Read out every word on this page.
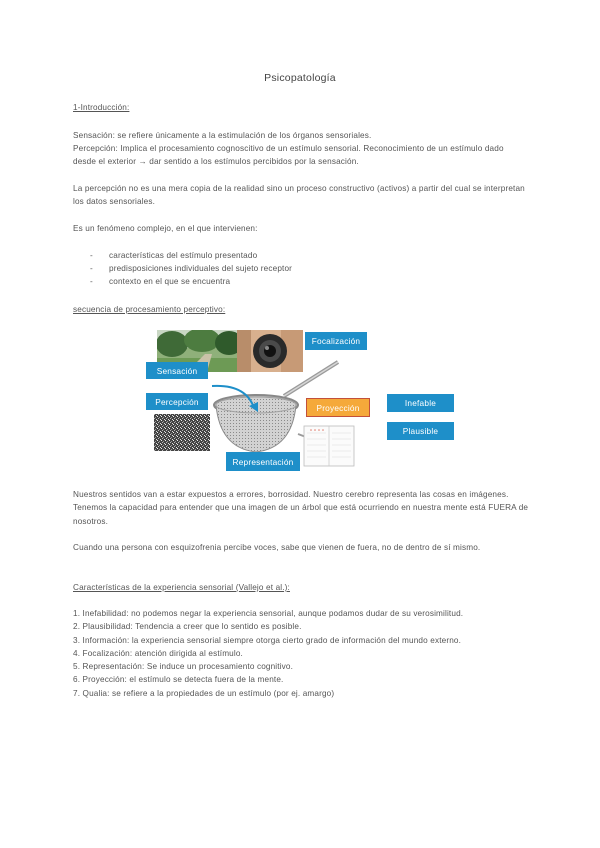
Psicopatología

1-Introducción:

Sensación: se refiere únicamente a la estimulación de los órganos sensoriales.

Percepción: Implica el procesamiento cognoscitivo de un estímulo sensorial. Reconocimiento de un estímulo dado desde el exterior → dar sentido a los estímulos percibidos por la sensación.

La percepción no es una mera copia de la realidad sino un proceso constructivo (activos) a partir del cual se interpretan los datos sensoriales.

Es un fenómeno complejo, en el que intervienen:

- características del estímulo presentado
- predisposiciones individuales del sujeto receptor
- contexto en el que se encuentra

secuencia de procesamiento perceptivo:

Focalización
Sensación
Percepción
Proyección
Representación
Inefable
Plausible

Nuestros sentidos van a estar expuestos a errores, borrosidad. Nuestro cerebro representa las cosas en imágenes. Tenemos la capacidad para entender que una imagen de un árbol que está ocurriendo en nuestra mente está FUERA de nosotros.

Cuando una persona con esquizofrenia percibe voces, sabe que vienen de fuera, no de dentro de sí mismo.

Características de la experiencia sensorial (Vallejo et al.):

1. Inefabilidad: no podemos negar la experiencia sensorial, aunque podamos dudar de su verosimilitud.
2. Plausibilidad: Tendencia a creer que lo sentido es posible.
3. Información: la experiencia sensorial siempre otorga cierto grado de información del mundo externo.
4. Focalización: atención dirigida al estímulo.
5. Representación: Se induce un procesamiento cognitivo.
6. Proyección: el estímulo se detecta fuera de la mente.
7. Qualia: se refiere a la propiedades de un estímulo (por ej. amargo)
